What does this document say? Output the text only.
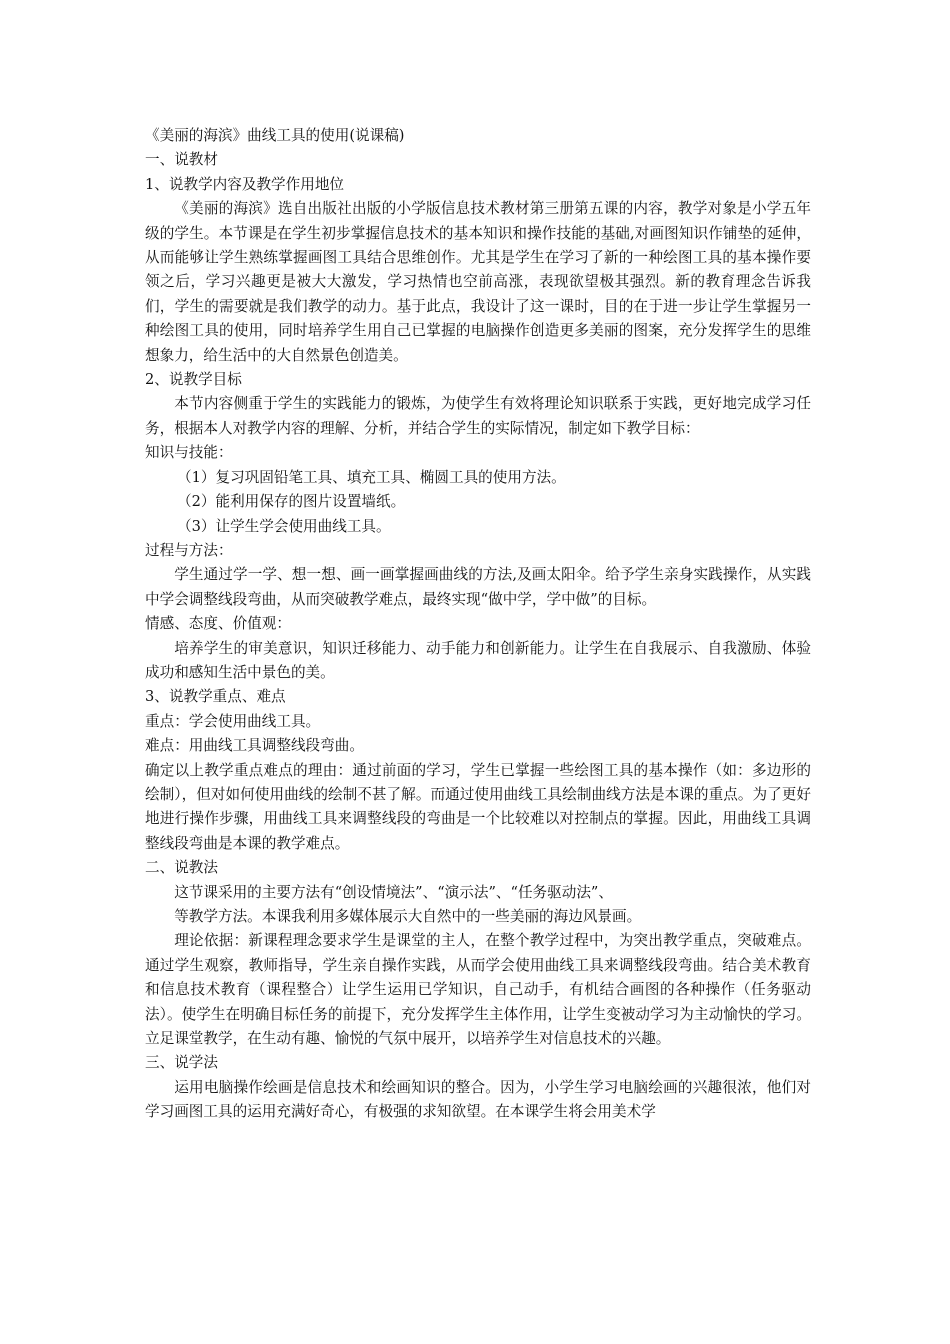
《美丽的海滨》曲线工具的使用(说课稿)

一、说教材

1、说教学内容及教学作用地位

《美丽的海滨》选自出版社出版的小学版信息技术教材第三册第五课的内容，教学对象是小学五年级的学生。本节课是在学生初步掌握信息技术的基本知识和操作技能的基础,对画图知识作铺垫的延伸，从而能够让学生熟练掌握画图工具结合思维创作。尤其是学生在学习了新的一种绘图工具的基本操作要领之后，学习兴趣更是被大大激发，学习热情也空前高涨，表现欲望极其强烈。新的教育理念告诉我们，学生的需要就是我们教学的动力。基于此点，我设计了这一课时，目的在于进一步让学生掌握另一种绘图工具的使用，同时培养学生用自己已掌握的电脑操作创造更多美丽的图案，充分发挥学生的思维想象力，给生活中的大自然景色创造美。

2、说教学目标

本节内容侧重于学生的实践能力的锻炼，为使学生有效将理论知识联系于实践，更好地完成学习任务，根据本人对教学内容的理解、分析，并结合学生的实际情况，制定如下教学目标：

知识与技能：

（1）复习巩固铅笔工具、填充工具、椭圆工具的使用方法。

（2）能利用保存的图片设置墙纸。

（3）让学生学会使用曲线工具。

过程与方法：

学生通过学一学、想一想、画一画掌握画曲线的方法,及画太阳伞。给予学生亲身实践操作，从实践中学会调整线段弯曲，从而突破教学难点，最终实现“做中学，学中做”的目标。

情感、态度、价值观：

培养学生的审美意识，知识迁移能力、动手能力和创新能力。让学生在自我展示、自我激励、体验成功和感知生活中景色的美。

3、说教学重点、难点

重点：学会使用曲线工具。

难点：用曲线工具调整线段弯曲。

确定以上教学重点难点的理由：通过前面的学习，学生已掌握一些绘图工具的基本操作（如：多边形的绘制），但对如何使用曲线的绘制不甚了解。而通过使用曲线工具绘制曲线方法是本课的重点。为了更好地进行操作步骤，用曲线工具来调整线段的弯曲是一个比较难以对控制点的掌握。因此，用曲线工具调整线段弯曲是本课的教学难点。

二、说教法

这节课采用的主要方法有“创设情境法”、“演示法”、“任务驱动法”、

等教学方法。本课我利用多媒体展示大自然中的一些美丽的海边风景画。

理论依据：新课程理念要求学生是课堂的主人，在整个教学过程中，为突出教学重点，突破难点。通过学生观察，教师指导，学生亲自操作实践，从而学会使用曲线工具来调整线段弯曲。结合美术教育和信息技术教育（课程整合）让学生运用已学知识，自己动手，有机结合画图的各种操作（任务驱动法）。使学生在明确目标任务的前提下，充分发挥学生主体作用，让学生变被动学习为主动愉快的学习。立足课堂教学，在生动有趣、愉悦的气氛中展开，以培养学生对信息技术的兴趣。

三、说学法

运用电脑操作绘画是信息技术和绘画知识的整合。因为，小学生学习电脑绘画的兴趣很浓，他们对学习画图工具的运用充满好奇心，有极强的求知欲望。在本课学生将会用美术学
